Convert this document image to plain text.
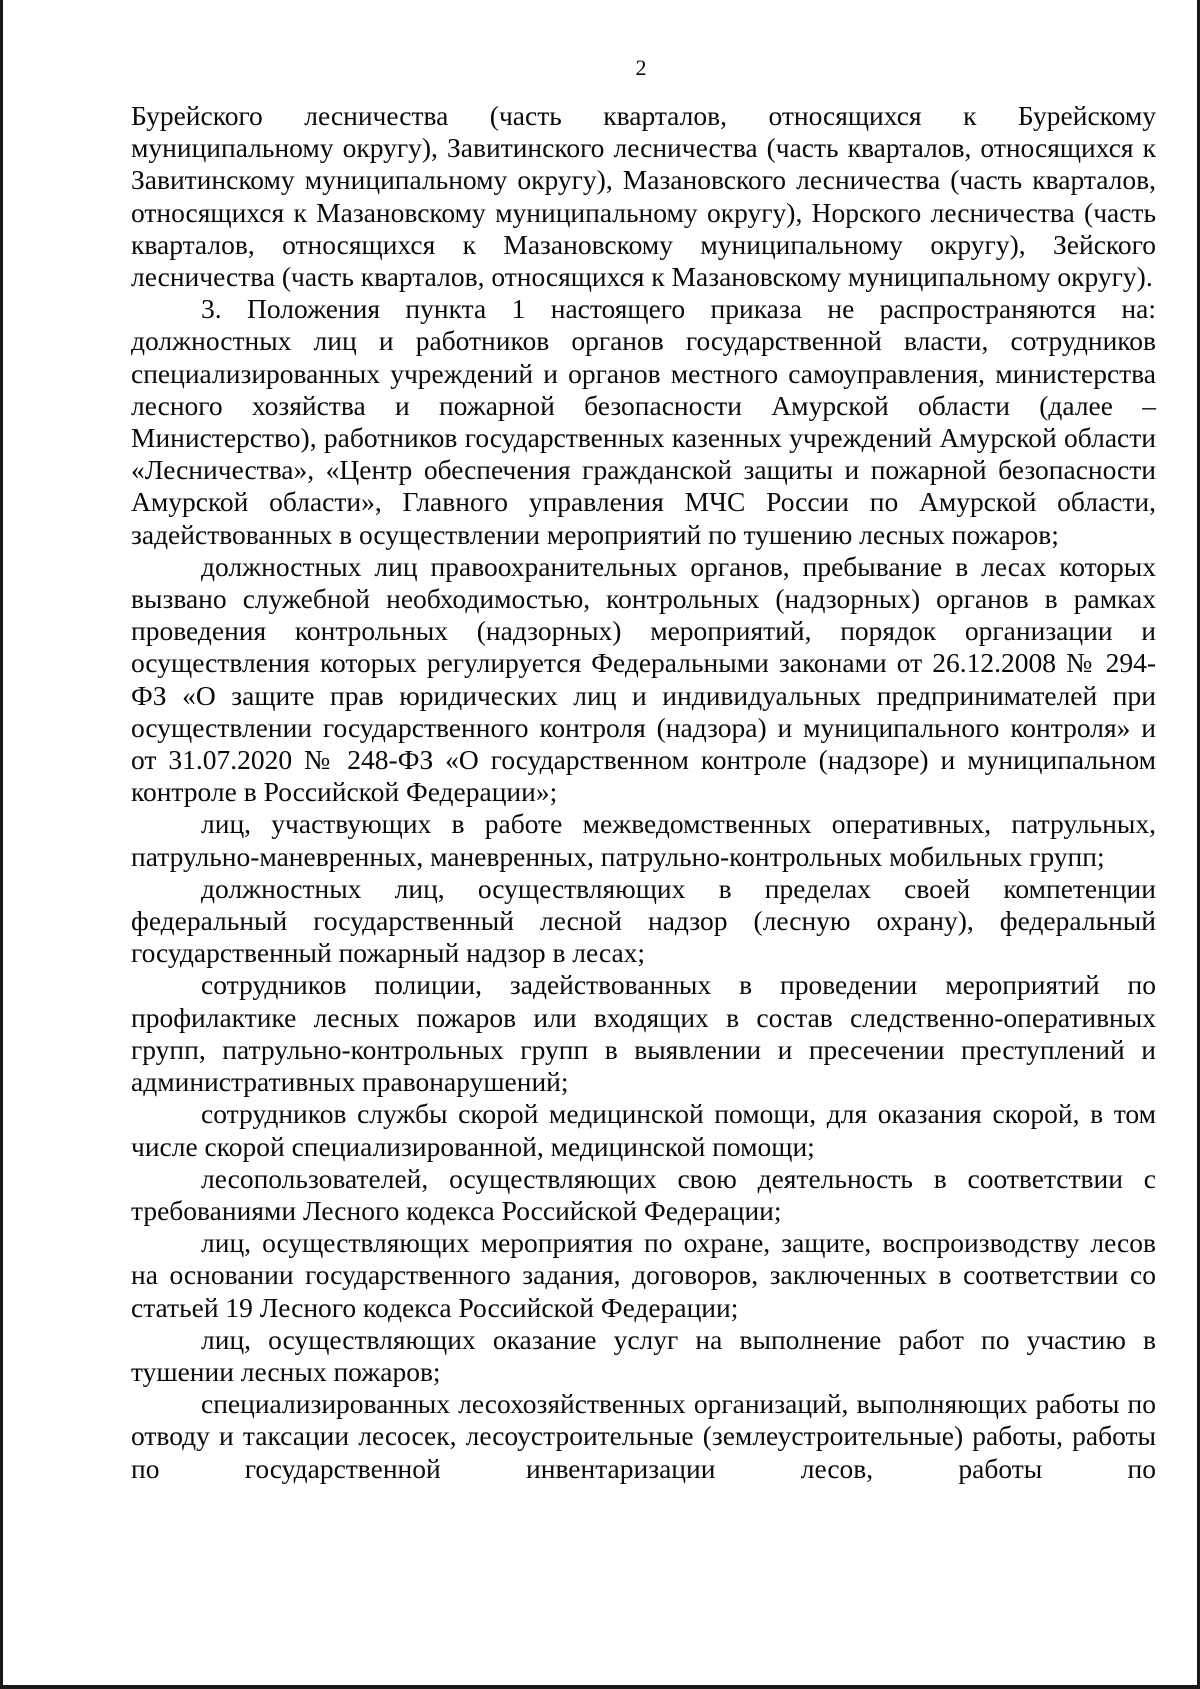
2

Бурейского лесничества (часть кварталов, относящихся к Бурейскому муниципальному округу), Завитинского лесничества (часть кварталов, относящихся к Завитинскому муниципальному округу), Мазановского лесничества (часть кварталов, относящихся к Мазановскому муниципальному округу), Норского лесничества (часть кварталов, относящихся к Мазановскому муниципальному округу), Зейского лесничества (часть кварталов, относящихся к Мазановскому муниципальному округу).

3. Положения пункта 1 настоящего приказа не распространяются на: должностных лиц и работников органов государственной власти, сотрудников специализированных учреждений и органов местного самоуправления, министерства лесного хозяйства и пожарной безопасности Амурской области (далее – Министерство), работников государственных казенных учреждений Амурской области «Лесничества», «Центр обеспечения гражданской защиты и пожарной безопасности Амурской области», Главного управления МЧС России по Амурской области, задействованных в осуществлении мероприятий по тушению лесных пожаров;

должностных лиц правоохранительных органов, пребывание в лесах которых вызвано служебной необходимостью, контрольных (надзорных) органов в рамках проведения контрольных (надзорных) мероприятий, порядок организации и осуществления которых регулируется Федеральными законами от 26.12.2008 № 294-ФЗ «О защите прав юридических лиц и индивидуальных предпринимателей при осуществлении государственного контроля (надзора) и муниципального контроля» и от 31.07.2020 № 248-ФЗ «О государственном контроле (надзоре) и муниципальном контроле в Российской Федерации»;

лиц, участвующих в работе межведомственных оперативных, патрульных, патрульно-маневренных, маневренных, патрульно-контрольных мобильных групп;

должностных лиц, осуществляющих в пределах своей компетенции федеральный государственный лесной надзор (лесную охрану), федеральный государственный пожарный надзор в лесах;

сотрудников полиции, задействованных в проведении мероприятий по профилактике лесных пожаров или входящих в состав следственно-оперативных групп, патрульно-контрольных групп в выявлении и пресечении преступлений и административных правонарушений;

сотрудников службы скорой медицинской помощи, для оказания скорой, в том числе скорой специализированной, медицинской помощи;

лесопользователей, осуществляющих свою деятельность в соответствии с требованиями Лесного кодекса Российской Федерации;

лиц, осуществляющих мероприятия по охране, защите, воспроизводству лесов на основании государственного задания, договоров, заключенных в соответствии со статьей 19 Лесного кодекса Российской Федерации;

лиц, осуществляющих оказание услуг на выполнение работ по участию в тушении лесных пожаров;

специализированных лесохозяйственных организаций, выполняющих работы по отводу и таксации лесосек, лесоустроительные (землеустроительные) работы, работы по государственной инвентаризации лесов, работы по
